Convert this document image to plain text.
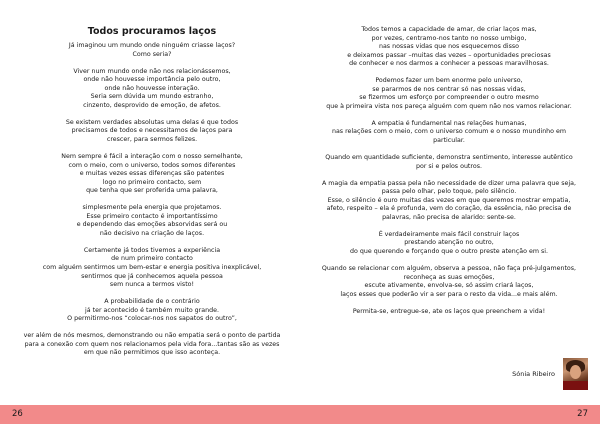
Todos procuramos laços
Já imaginou um mundo onde ninguém criasse laços?
Como seria?
Viver num mundo onde não nos relacionássemos,
onde não houvesse importância pelo outro,
onde não houvesse interação.
Seria sem dúvida um mundo estranho,
cinzento, desprovido de emoção, de afetos.
Se existem verdades absolutas uma delas é que todos
precisamos de todos e necessitamos de laços para
crescer, para sermos felizes.
Nem sempre é fácil a interação com o nosso semelhante,
com o meio, com o universo, todos somos diferentes
e muitas vezes essas diferenças são patentes
logo no primeiro contacto, sem
que tenha que ser proferida uma palavra,
simplesmente pela energia que projetamos.
Esse primeiro contacto é importantíssimo
e dependendo das emoções absorvidas será ou
não decisivo na criação de laços.
Certamente já todos tivemos a experiência
de num primeiro contacto
com alguém sentirmos um bem-estar e energia positiva inexplicável,
sentirmos que já conhecemos aquela pessoa
sem nunca a termos visto!
A probabilidade de o contrário
já ter acontecido é também muito grande.
O permitirmo-nos “colocar-nos nos sapatos do outro”,
ver além de nós mesmos, demonstrando ou não empatia será o ponto de partida
para a conexão com quem nos relacionamos pela vida fora...tantas são as vezes
em que não permitimos que isso aconteça.
26
Todos temos a capacidade de amar, de criar laços mas,
por vezes, centramo-nos tanto no nosso umbigo,
nas nossas vidas que nos esquecemos disso
e deixamos passar –muitas das vezes – oportunidades preciosas
de conhecer e nos darmos a conhecer a pessoas maravilhosas.
Podemos fazer um bem enorme pelo universo,
se pararmos de nos centrar só nas nossas vidas,
se fizermos um esforço por compreender o outro mesmo
que à primeira vista nos pareça alguém com quem não nos vamos relacionar.
A empatia é fundamental nas relações humanas,
nas relações com o meio, com o universo comum e o nosso mundinho em
particular.
Quando em quantidade suficiente, demonstra sentimento, interesse autêntico
por si e pelos outros.
A magia da empatia passa pela não necessidade de dizer uma palavra que seja,
passa pelo olhar, pelo toque, pelo silêncio.
Esse, o silêncio é ouro muitas das vezes em que queremos mostrar empatia,
afeto, respeito – ela é profunda, vem do coração, da essência, não precisa de
palavras, não precisa de alarido: sente-se.
É verdadeiramente mais fácil construir laços
prestando atenção no outro,
do que querendo e forçando que o outro preste atenção em si.
Quando se relacionar com alguém, observa a pessoa, não faça pré-julgamentos,
reconheça as suas emoções,
escute ativamente, envolva-se, só assim criará laços,
laços esses que poderão vir a ser para o resto da vida...e mais além.
Permita-se, entregue-se, ate os laços que preenchem a vida!
Sónia Ribeiro
27
